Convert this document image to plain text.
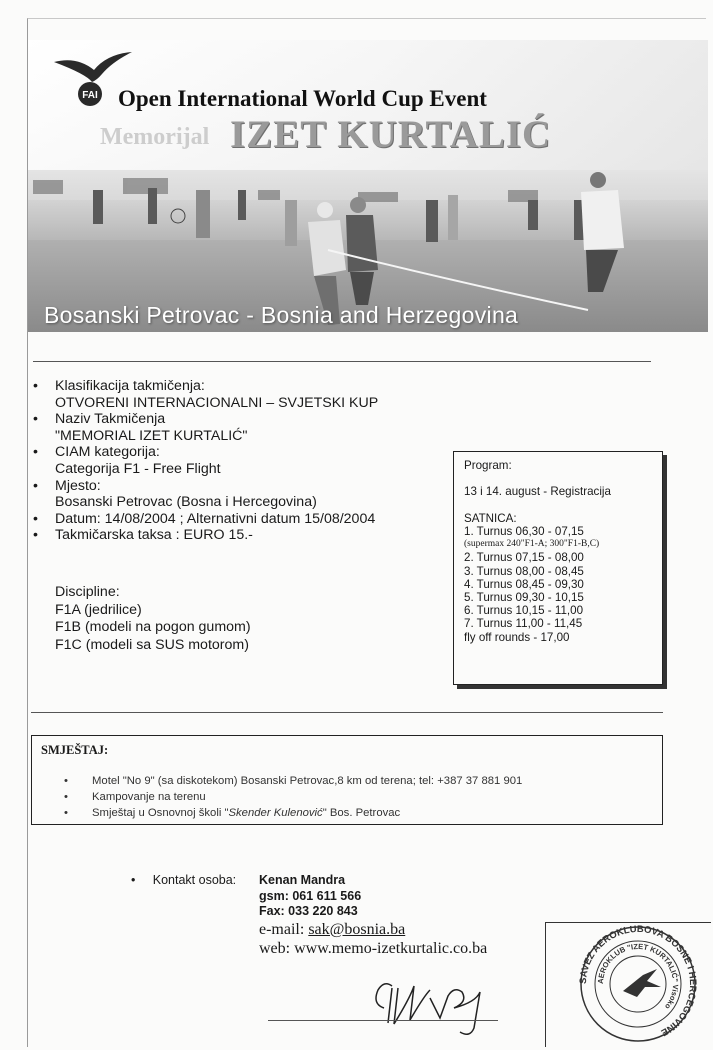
FAI Open International World Cup Event
Memorijal IZET KURTALIĆ
Bosanski Petrovac - Bosnia and Herzegovina
• Klasifikacija takmičenja:
OTVORENI INTERNACIONALNI – SVJETSKI KUP
• Naziv Takmičenja
"MEMORIAL IZET KURTALIĆ"
• CIAM kategorija:
Categorija F1 - Free Flight
• Mjesto:
Bosanski Petrovac (Bosna i Hercegovina)
• Datum: 14/08/2004 ; Alternativni datum 15/08/2004
• Takmičarska taksa : EURO 15.-
Discipline:
F1A (jedrilice)
F1B (modeli na pogon gumom)
F1C (modeli sa SUS motorom)
Program:

13 i 14. august - Registracija

SATNICA:
1. Turnus 06,30 - 07,15
(supermax 240"F1-A; 300"F1-B,C)
2. Turnus 07,15 - 08,00
3. Turnus 08,00 - 08,45
4. Turnus 08,45 - 09,30
5. Turnus 09,30 - 10,15
6. Turnus 10,15 - 11,00
7. Turnus 11,00 - 11,45
fly off rounds - 17,00
SMJEŠTAJ:
• Motel "No 9" (sa diskotekom) Bosanski Petrovac,8 km od terena; tel: +387 37 881 901
• Kampovanje na terenu
• Smještaj u Osnovnoj školi "Skender Kulenović" Bos. Petrovac
• Kontakt osoba: Kenan Mandra
gsm: 061 611 566
Fax: 033 220 843
e-mail: sak@bosnia.ba
web: www.memo-izetkurtalic.co.ba
SAVEZ AEROKLUBOVA BOSNE I HERCEGOVINE
AEROKLUB "IZET KURTALIĆ" Visoko
